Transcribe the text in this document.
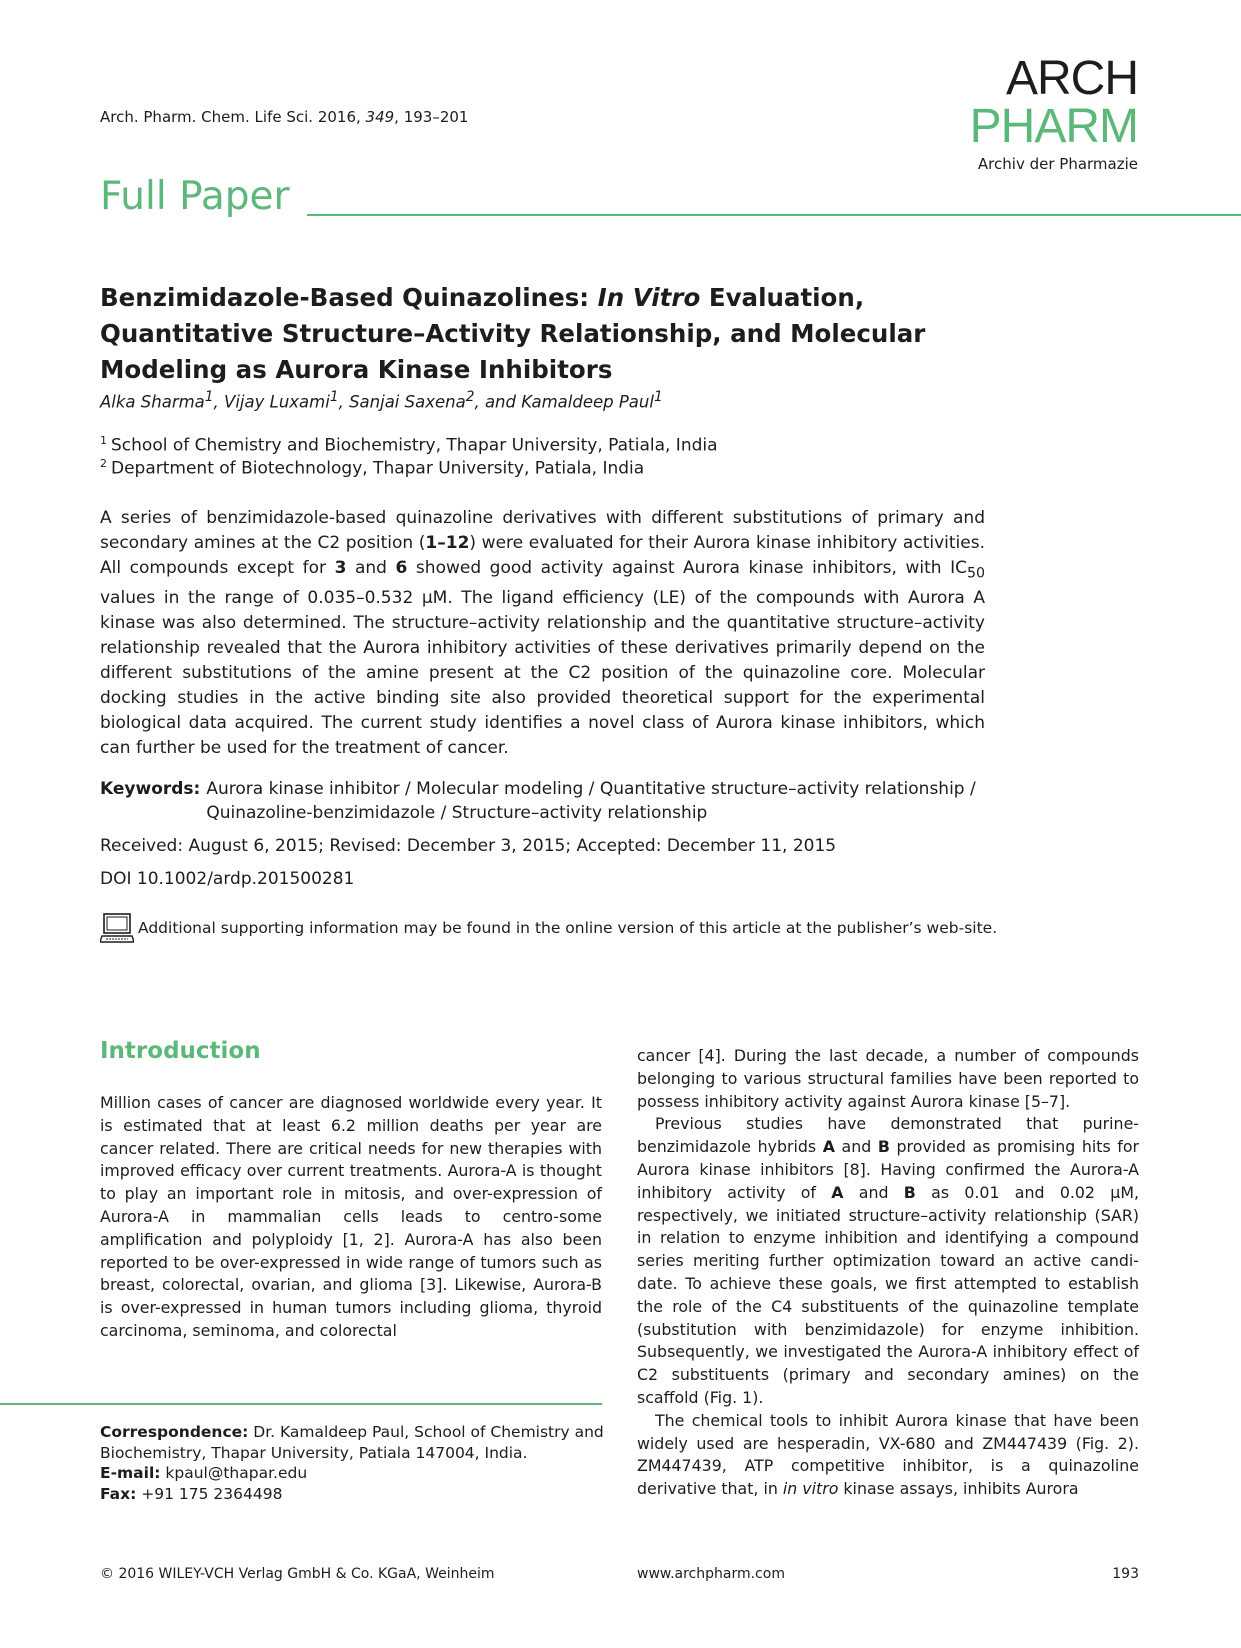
Arch. Pharm. Chem. Life Sci. 2016, 349, 193–201
ARCH PHARM
Archiv der Pharmazie
Full Paper
Benzimidazole-Based Quinazolines: In Vitro Evaluation, Quantitative Structure–Activity Relationship, and Molecular Modeling as Aurora Kinase Inhibitors
Alka Sharma$^1$, Vijay Luxami$^1$, Sanjai Saxena$^2$, and Kamaldeep Paul$^1$
$^1$ School of Chemistry and Biochemistry, Thapar University, Patiala, India
$^2$ Department of Biotechnology, Thapar University, Patiala, India
A series of benzimidazole-based quinazoline derivatives with different substitutions of primary and secondary amines at the C2 position (1–12) were evaluated for their Aurora kinase inhibitory activities. All compounds except for 3 and 6 showed good activity against Aurora kinase inhibitors, with $IC_{50}$ values in the range of 0.035–0.532 μM. The ligand efficiency (LE) of the compounds with Aurora A kinase was also determined. The structure–activity relationship and the quantitative structure–activity relationship revealed that the Aurora inhibitory activities of these derivatives primarily depend on the different substitutions of the amine present at the C2 position of the quinazoline core. Molecular docking studies in the active binding site also provided theoretical support for the experimental biological data acquired. The current study identifies a novel class of Aurora kinase inhibitors, which can further be used for the treatment of cancer.
Keywords: Aurora kinase inhibitor / Molecular modeling / Quantitative structure–activity relationship /
Quinazoline-benzimidazole / Structure–activity relationship
Received: August 6, 2015; Revised: December 3, 2015; Accepted: December 11, 2015
DOI 10.1002/ardp.201500281
Additional supporting information may be found in the online version of this article at the publisher’s web-site.
Introduction

Million cases of cancer are diagnosed worldwide every year. It is estimated that at least 6.2 million deaths per year are cancer related. There are critical needs for new therapies with improved efficacy over current treatments. Aurora-A is thought to play an important role in mitosis, and over-expression of Aurora-A in mammalian cells leads to centro-some amplification and polyploidy [1, 2]. Aurora-A has also been reported to be over-expressed in wide range of tumors such as breast, colorectal, ovarian, and glioma [3]. Likewise, Aurora-B is over-expressed in human tumors including glioma, thyroid carcinoma, seminoma, and colorectal

cancer [4]. During the last decade, a number of compounds belonging to various structural families have been reported to possess inhibitory activity against Aurora kinase [5–7].

Previous studies have demonstrated that purine-benzimidazole hybrids A and B provided as promising hits for Aurora kinase inhibitors [8]. Having confirmed the Aurora-A inhibitory activity of A and B as 0.01 and 0.02 μM, respectively, we initiated structure–activity relationship (SAR) in relation to enzyme inhibition and identifying a compound series meriting further optimization toward an active candi-date. To achieve these goals, we first attempted to establish the role of the C4 substituents of the quinazoline template (substitution with benzimidazole) for enzyme inhibition. Subsequently, we investigated the Aurora-A inhibitory effect of C2 substituents (primary and secondary amines) on the scaffold (Fig. 1).

The chemical tools to inhibit Aurora kinase that have been widely used are hesperadin, VX-680 and ZM447439 (Fig. 2). ZM447439, ATP competitive inhibitor, is a quinazoline derivative that, in in vitro kinase assays, inhibits Aurora

Correspondence: Dr. Kamaldeep Paul, School of Chemistry and Biochemistry, Thapar University, Patiala 147004, India.
E-mail: kpaul@thapar.edu
Fax: +91 175 2364498
© 2016 WILEY-VCH Verlag GmbH & Co. KGaA, Weinheim	www.archpharm.com	193
